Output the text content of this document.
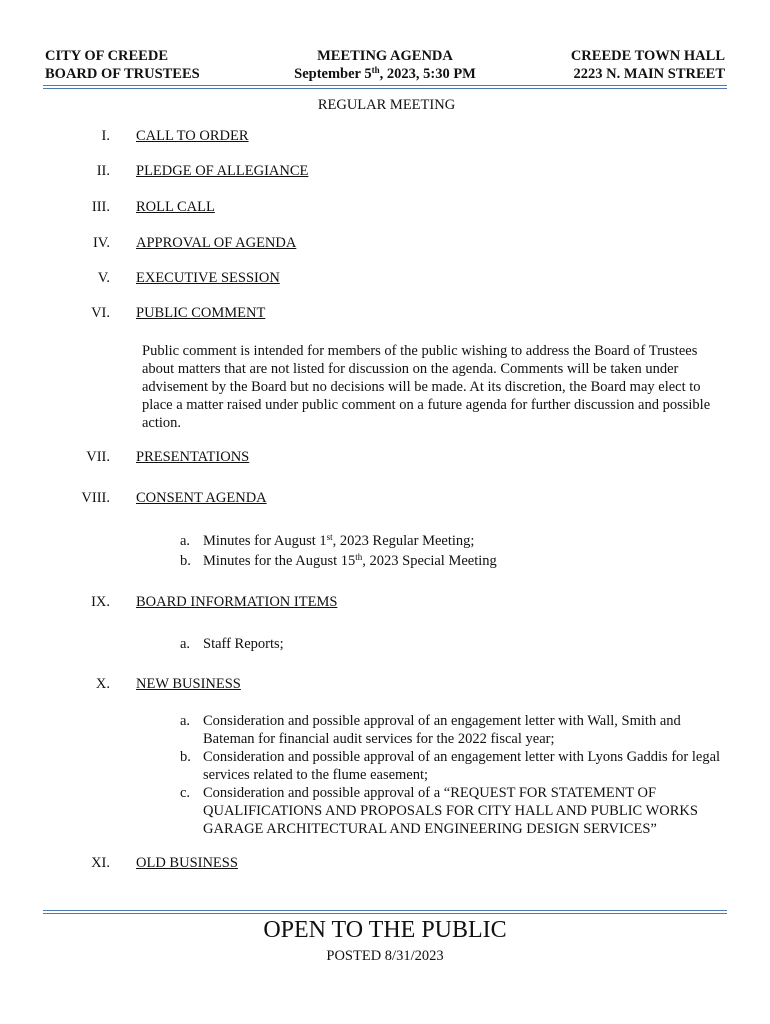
CITY OF CREEDE
BOARD OF TRUSTEES
MEETING AGENDA
September 5th, 2023, 5:30 PM
CREEDE TOWN HALL
2223 N. MAIN STREET
REGULAR MEETING
I. CALL TO ORDER
II. PLEDGE OF ALLEGIANCE
III. ROLL CALL
IV. APPROVAL OF AGENDA
V. EXECUTIVE SESSION
VI. PUBLIC COMMENT
Public comment is intended for members of the public wishing to address the Board of Trustees about matters that are not listed for discussion on the agenda. Comments will be taken under advisement by the Board but no decisions will be made. At its discretion, the Board may elect to place a matter raised under public comment on a future agenda for further discussion and possible action.
VII. PRESENTATIONS
VIII. CONSENT AGENDA
a. Minutes for August 1st, 2023 Regular Meeting;
b. Minutes for the August 15th, 2023 Special Meeting
IX. BOARD INFORMATION ITEMS
a. Staff Reports;
X. NEW BUSINESS
a. Consideration and possible approval of an engagement letter with Wall, Smith and Bateman for financial audit services for the 2022 fiscal year;
b. Consideration and possible approval of an engagement letter with Lyons Gaddis for legal services related to the flume easement;
c. Consideration and possible approval of a “REQUEST FOR STATEMENT OF QUALIFICATIONS AND PROPOSALS FOR CITY HALL AND PUBLIC WORKS GARAGE ARCHITECTURAL AND ENGINEERING DESIGN SERVICES”
XI. OLD BUSINESS
OPEN TO THE PUBLIC
POSTED 8/31/2023
